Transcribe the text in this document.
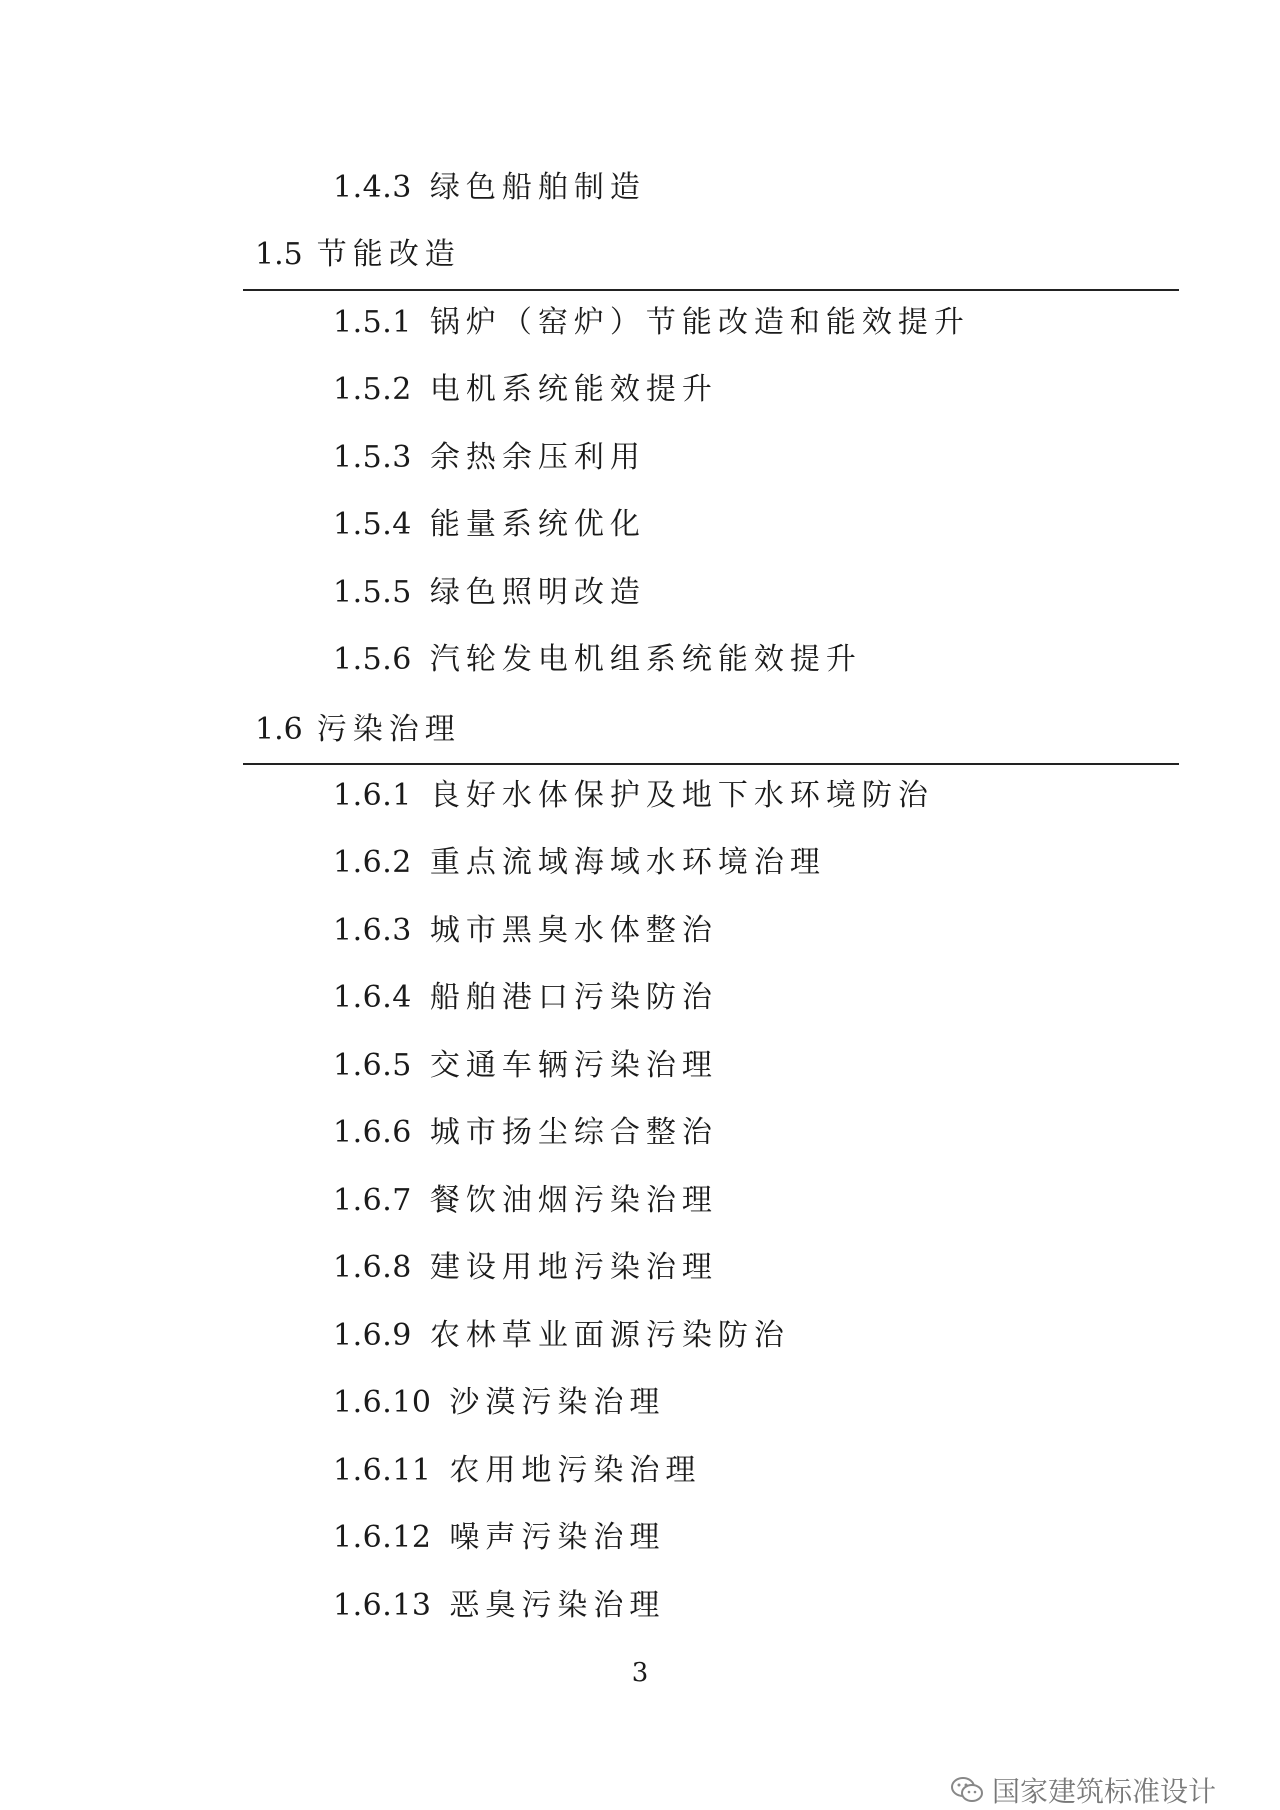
1.4.3 绿色船舶制造
1.5 节能改造
1.5.1 锅炉（窑炉）节能改造和能效提升
1.5.2 电机系统能效提升
1.5.3 余热余压利用
1.5.4 能量系统优化
1.5.5 绿色照明改造
1.5.6 汽轮发电机组系统能效提升
1.6 污染治理
1.6.1 良好水体保护及地下水环境防治
1.6.2 重点流域海域水环境治理
1.6.3 城市黑臭水体整治
1.6.4 船舶港口污染防治
1.6.5 交通车辆污染治理
1.6.6 城市扬尘综合整治
1.6.7 餐饮油烟污染治理
1.6.8 建设用地污染治理
1.6.9 农林草业面源污染防治
1.6.10 沙漠污染治理
1.6.11 农用地污染治理
1.6.12 噪声污染治理
1.6.13 恶臭污染治理
3
国家建筑标准设计
